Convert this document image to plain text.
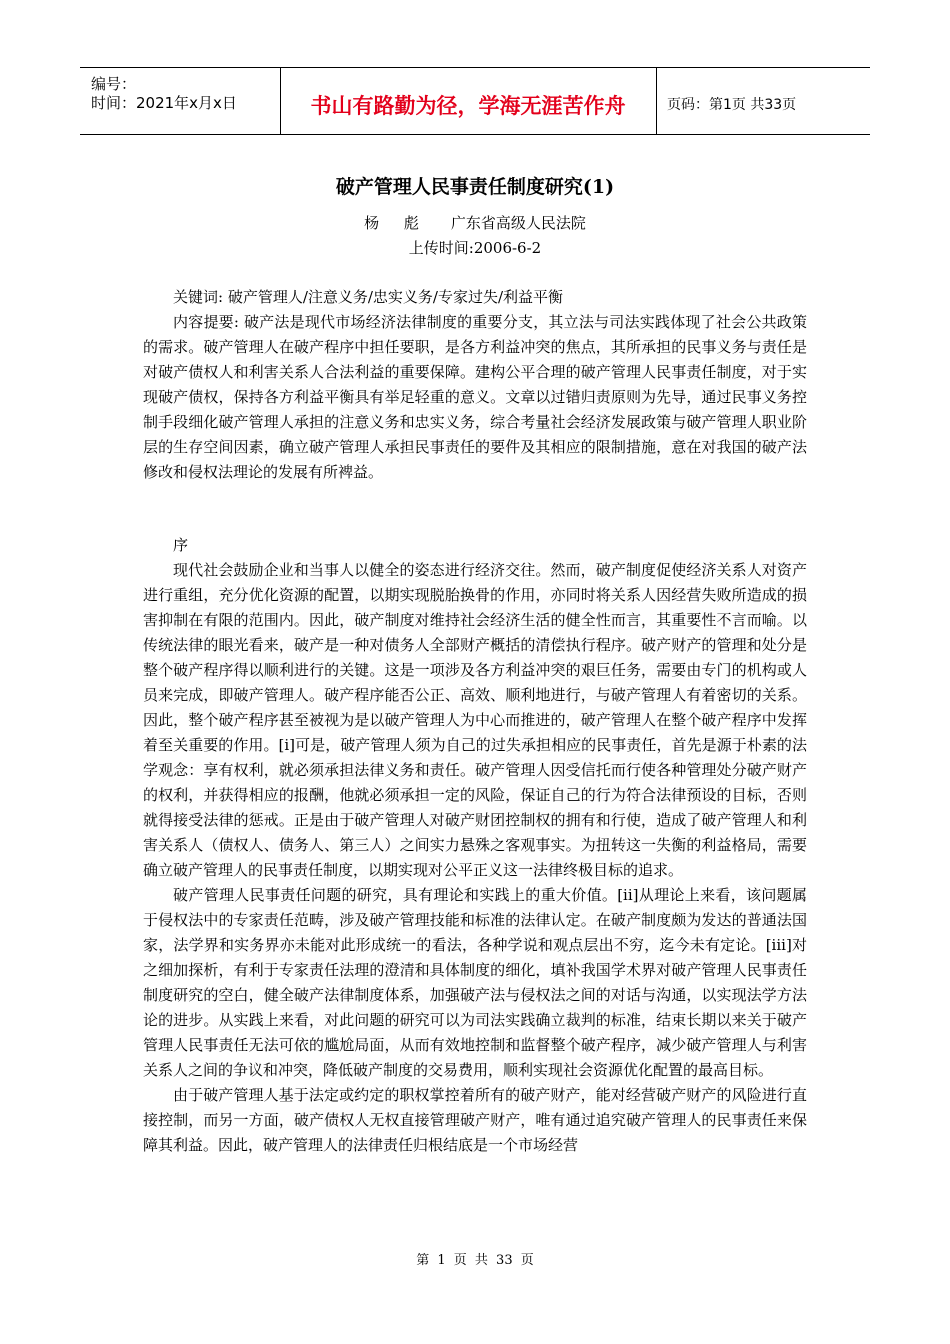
编号：
时间：2021年x月x日	书山有路勤为径，学海无涯苦作舟	页码：第1页 共33页
破产管理人民事责任制度研究(1)
杨 彪 广东省高级人民法院
上传时间:2006-6-2

关键词: 破产管理人/注意义务/忠实义务/专家过失/利益平衡

内容提要: 破产法是现代市场经济法律制度的重要分支，其立法与司法实践体现了社会公共政策的需求。破产管理人在破产程序中担任要职，是各方利益冲突的焦点，其所承担的民事义务与责任是对破产债权人和利害关系人合法利益的重要保障。建构公平合理的破产管理人民事责任制度，对于实现破产债权，保持各方利益平衡具有举足轻重的意义。文章以过错归责原则为先导，通过民事义务控制手段细化破产管理人承担的注意义务和忠实义务，综合考量社会经济发展政策与破产管理人职业阶层的生存空间因素，确立破产管理人承担民事责任的要件及其相应的限制措施，意在对我国的破产法修改和侵权法理论的发展有所裨益。

序

现代社会鼓励企业和当事人以健全的姿态进行经济交往。然而，破产制度促使经济关系人对资产进行重组，充分优化资源的配置，以期实现脱胎换骨的作用，亦同时将关系人因经营失败所造成的损害抑制在有限的范围内。因此，破产制度对维持社会经济生活的健全性而言，其重要性不言而喻。以传统法律的眼光看来，破产是一种对债务人全部财产概括的清偿执行程序。破产财产的管理和处分是整个破产程序得以顺利进行的关键。这是一项涉及各方利益冲突的艰巨任务，需要由专门的机构或人员来完成，即破产管理人。破产程序能否公正、高效、顺利地进行，与破产管理人有着密切的关系。因此，整个破产程序甚至被视为是以破产管理人为中心而推进的，破产管理人在整个破产程序中发挥着至关重要的作用。[i]可是，破产管理人须为自己的过失承担相应的民事责任，首先是源于朴素的法学观念：享有权利，就必须承担法律义务和责任。破产管理人因受信托而行使各种管理处分破产财产的权利，并获得相应的报酬，他就必须承担一定的风险，保证自己的行为符合法律预设的目标，否则就得接受法律的惩戒。正是由于破产管理人对破产财团控制权的拥有和行使，造成了破产管理人和利害关系人（债权人、债务人、第三人）之间实力悬殊之客观事实。为扭转这一失衡的利益格局，需要确立破产管理人的民事责任制度，以期实现对公平正义这一法律终极目标的追求。

破产管理人民事责任问题的研究，具有理论和实践上的重大价值。[ii]从理论上来看，该问题属于侵权法中的专家责任范畴，涉及破产管理技能和标准的法律认定。在破产制度颇为发达的普通法国家，法学界和实务界亦未能对此形成统一的看法，各种学说和观点层出不穷，迄今未有定论。[iii]对之细加探析，有利于专家责任法理的澄清和具体制度的细化，填补我国学术界对破产管理人民事责任制度研究的空白，健全破产法律制度体系，加强破产法与侵权法之间的对话与沟通，以实现法学方法论的进步。从实践上来看，对此问题的研究可以为司法实践确立裁判的标准，结束长期以来关于破产管理人民事责任无法可依的尴尬局面，从而有效地控制和监督整个破产程序，减少破产管理人与利害关系人之间的争议和冲突，降低破产制度的交易费用，顺利实现社会资源优化配置的最高目标。

由于破产管理人基于法定或约定的职权掌控着所有的破产财产，能对经营破产财产的风险进行直接控制，而另一方面，破产债权人无权直接管理破产财产，唯有通过追究破产管理人的民事责任来保障其利益。因此，破产管理人的法律责任归根结底是一个市场经营

第 1 页 共 33 页
